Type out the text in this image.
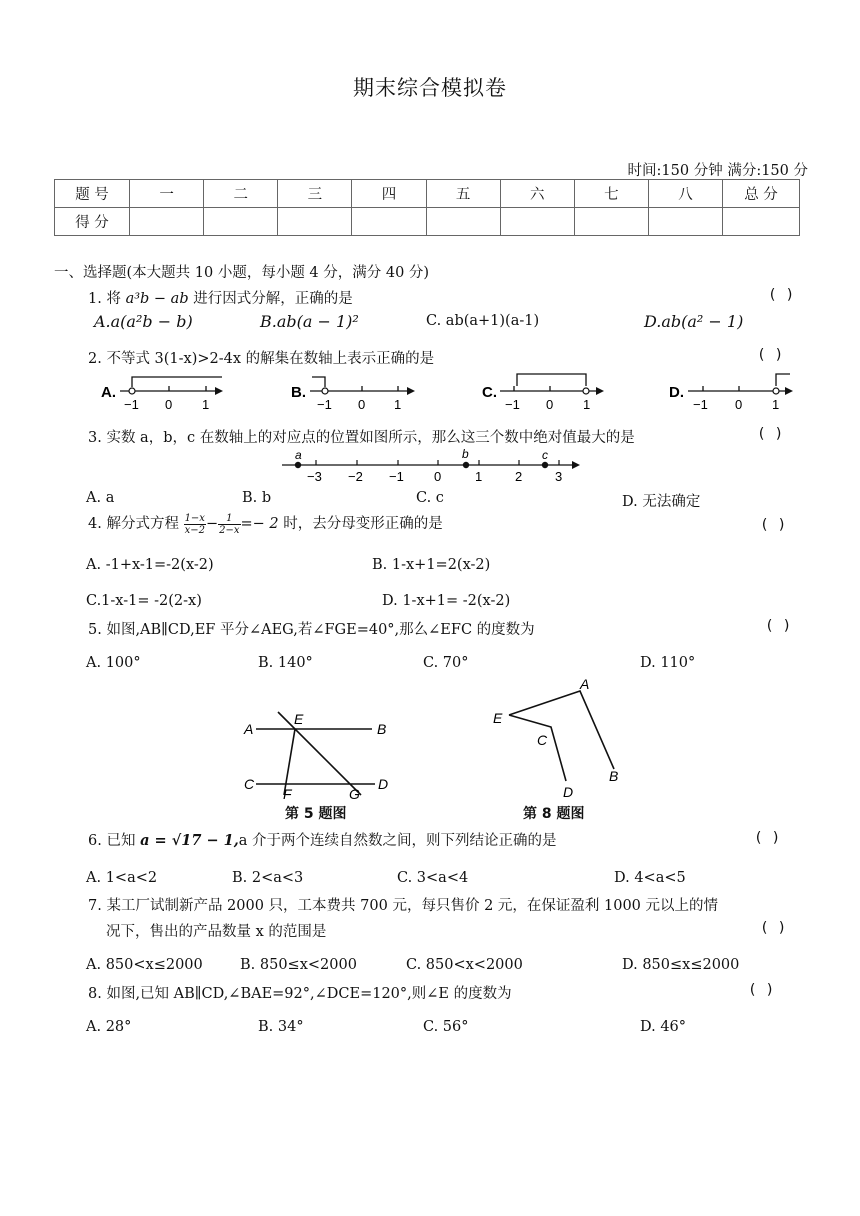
期末综合模拟卷
时间:150 分钟 满分:150 分
题 号	一	二	三	四	五	六	七	八	总 分
得 分									
一、选择题(本大题共 10 小题，每小题 4 分，满分 40 分)
1. 将 a³b − ab 进行因式分解，正确的是	( )
A.a(a²b − b)	B.ab(a − 1)²	C. ab(a+1)(a-1)	D.ab(a² − 1)
2. 不等式 3(1-x)>2-4x 的解集在数轴上表示正确的是	( )
A.
−1 0 1
B.
−1 0 1
C.
−1 0 1
D.
−1 0 1
−3 −2 −1 0	1	2	3
a	b	c
A
E
B
C
F	G
D
A
E
C
D
B
3. 实数 a，b，c 在数轴上的对应点的位置如图所示，那么这三个数中绝对值最大的是	( )
A. a	B. b	C. c	D. 无法确定
4. 解分式方程 $\frac{1-x}{x-2} - \frac{1}{2-x} =- 2$ 时，去分母变形正确的是	( )
A. -1+x-1=-2(x-2)	B. 1-x+1=2(x-2)
C.1-x-1= -2(2-x)	D. 1-x+1= -2(x-2)
5. 如图,AB∥CD,EF 平分∠AEG,若∠FGE=40°,那么∠EFC 的度数为	( )
A. 100°	B. 140°	C. 70°	D. 110°
第 5 题图	第 8 题图
6. 已知 a = √17 − 1,a 介于两个连续自然数之间，则下列结论正确的是	( )
A. 1<a<2	B. 2<a<3	C. 3<a<4	D. 4<a<5
7. 某工厂试制新产品 2000 只，工本费共 700 元，每只售价 2 元，在保证盈利 1000 元以上的情
况下，售出的产品数量 x 的范围是	( )
A. 850<x≤2000	B. 850≤x<2000	C. 850<x<2000	D. 850≤x≤2000
8. 如图,已知 AB∥CD,∠BAE=92°,∠DCE=120°,则∠E 的度数为	( )
A. 28°	B. 34°	C. 56°	D. 46°
